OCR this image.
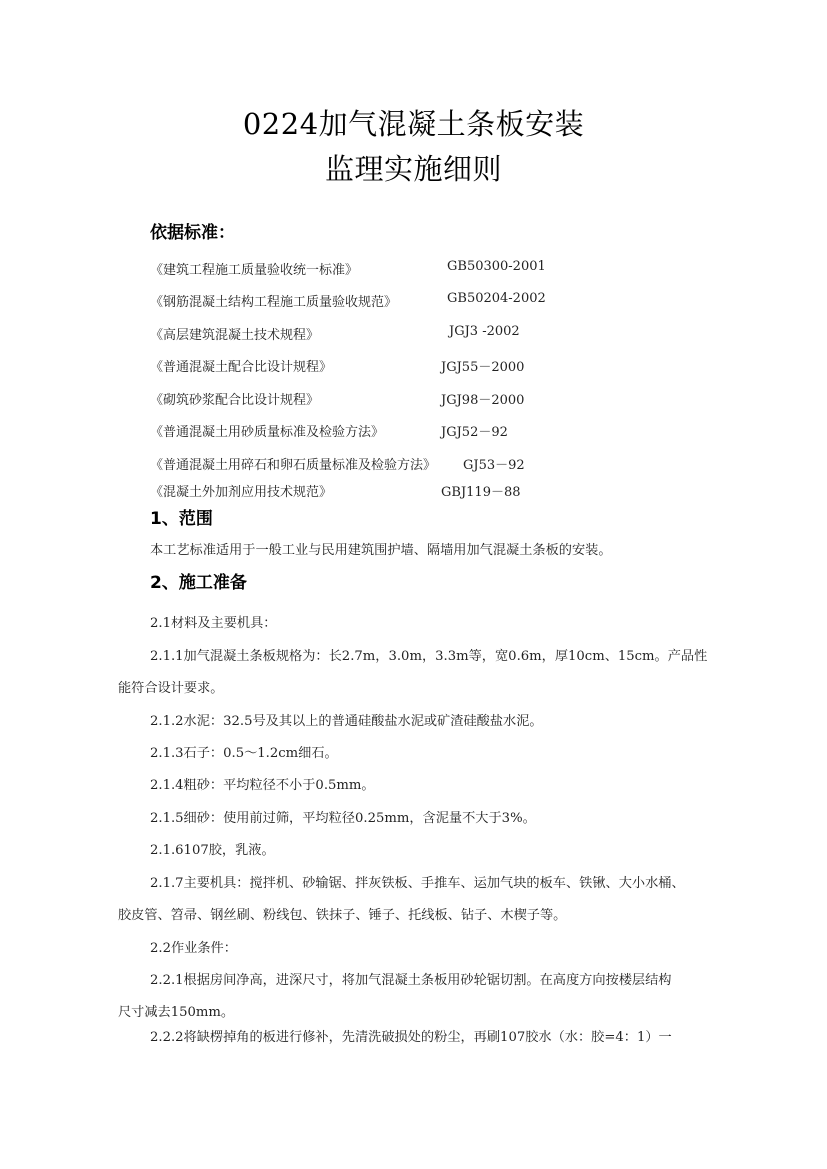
0224加气混凝土条板安装
监理实施细则
依据标准：
《建筑工程施工质量验收统一标准》	GB50300-2001
《钢筋混凝土结构工程施工质量验收规范》	GB50204-2002
《高层建筑混凝土技术规程》	JGJ3 -2002
《普通混凝土配合比设计规程》	JGJ55－2000
《砌筑砂浆配合比设计规程》	JGJ98－2000
《普通混凝土用砂质量标准及检验方法》	JGJ52－92
《普通混凝土用碎石和卵石质量标准及检验方法》 GJ53－92
《混凝土外加剂应用技术规范》	GBJ119－88
1、范围
本工艺标准适用于一般工业与民用建筑围护墙、隔墙用加气混凝土条板的安装。
2、施工准备
2.1材料及主要机具：
2.1.1加气混凝土条板规格为：长2.7m，3.0m，3.3m等，宽0.6m，厚10cm、15cm。产品性
能符合设计要求。
2.1.2水泥：32.5号及其以上的普通硅酸盐水泥或矿渣硅酸盐水泥。
2.1.3石子：0.5～1.2cm细石。
2.1.4粗砂：平均粒径不小于0.5mm。
2.1.5细砂：使用前过筛，平均粒径0.25mm，含泥量不大于3%。
2.1.6107胶，乳液。
2.1.7主要机具：搅拌机、砂输锯、拌灰铁板、手推车、运加气块的板车、铁锹、大小水桶、
胶皮管、笤帚、钢丝刷、粉线包、铁抹子、锤子、托线板、钻子、木楔子等。
2.2作业条件：
2.2.1根据房间净高，进深尺寸，将加气混凝土条板用砂轮锯切割。在高度方向按楼层结构
尺寸减去150mm。
2.2.2将缺楞掉角的板进行修补，先清洗破损处的粉尘，再刷107胶水（水：胶=4：1）一
